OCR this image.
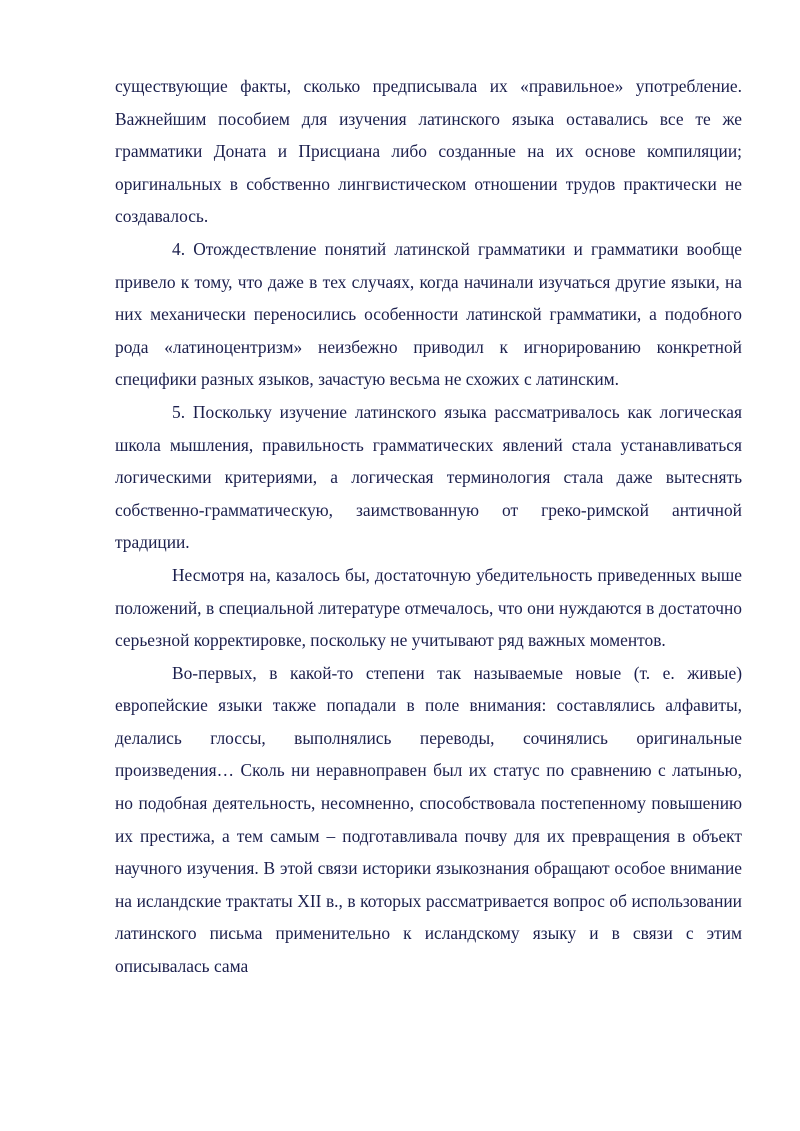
существующие факты, сколько предписывала их «правильное» употребление. Важнейшим пособием для изучения латинского языка оставались все те же грамматики Доната и Присциана либо созданные на их основе компиляции; оригинальных в собственно лингвистическом отношении трудов практически не создавалось.

4. Отождествление понятий латинской грамматики и грамматики вообще привело к тому, что даже в тех случаях, когда начинали изучаться другие языки, на них механически переносились особенности латинской грамматики, а подобного рода «латиноцентризм» неизбежно приводил к игнорированию конкретной специфики разных языков, зачастую весьма не схожих с латинским.

5. Поскольку изучение латинского языка рассматривалось как логическая школа мышления, правильность грамматических явлений стала устанавливаться логическими критериями, а логическая терминология стала даже вытеснять собственно-грамматическую, заимствованную от греко-римской античной традиции.

Несмотря на, казалось бы, достаточную убедительность приведенных выше положений, в специальной литературе отмечалось, что они нуждаются в достаточно серьезной корректировке, поскольку не учитывают ряд важных моментов.

Во-первых, в какой-то степени так называемые новые (т. е. живые) европейские языки также попадали в поле внимания: составлялись алфавиты, делались глоссы, выполнялись переводы, сочинялись оригинальные произведения… Сколь ни неравноправен был их статус по сравнению с латынью, но подобная деятельность, несомненно, способствовала постепенному повышению их престижа, а тем самым – подготавливала почву для их превращения в объект научного изучения. В этой связи историки языкознания обращают особое внимание на исландские трактаты XII в., в которых рассматривается вопрос об использовании латинского письма применительно к исландскому языку и в связи с этим описывалась сама
